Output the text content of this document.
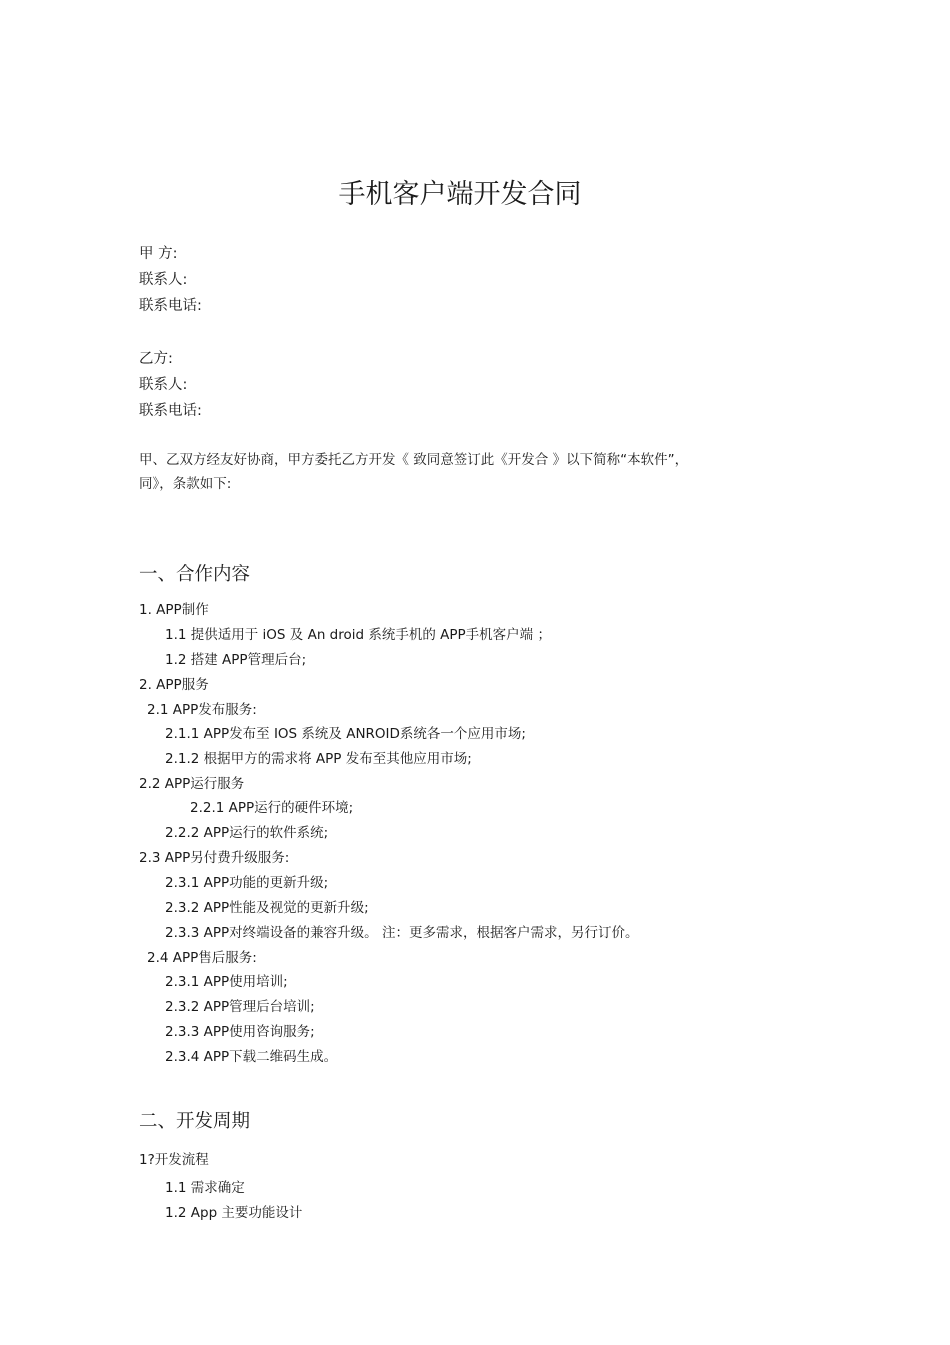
手机客户端开发合同
甲 方:
联系人:
联系电话:
乙方:
联系人:
联系电话:
甲、乙双方经友好协商，甲方委托乙方开发《 致同意签订此《开发合 》以下简称“本软件”，
同》，条款如下:
一、合作内容
1. APP制作
1.1 提供适用于 iOS 及 An droid 系统手机的 APP手机客户端 ；
1.2 搭建 APP管理后台;
2. APP服务
2.1 APP发布服务:
2.1.1 APP发布至 IOS 系统及 ANROID系统各一个应用市场;
2.1.2 根据甲方的需求将 APP 发布至其他应用市场;
2.2 APP运行服务
2.2.1 APP运行的硬件环境;
2.2.2 APP运行的软件系统;
2.3 APP另付费升级服务:
2.3.1 APP功能的更新升级;
2.3.2 APP性能及视觉的更新升级;
2.3.3 APP对终端设备的兼容升级。 注：更多需求，根据客户需求，另行订价。
2.4 APP售后服务:
2.3.1 APP使用培训;
2.3.2 APP管理后台培训;
2.3.3 APP使用咨询服务;
2.3.4 APP下载二维码生成。
二、开发周期
1?开发流程
1.1 需求确定
1.2 App 主要功能设计
